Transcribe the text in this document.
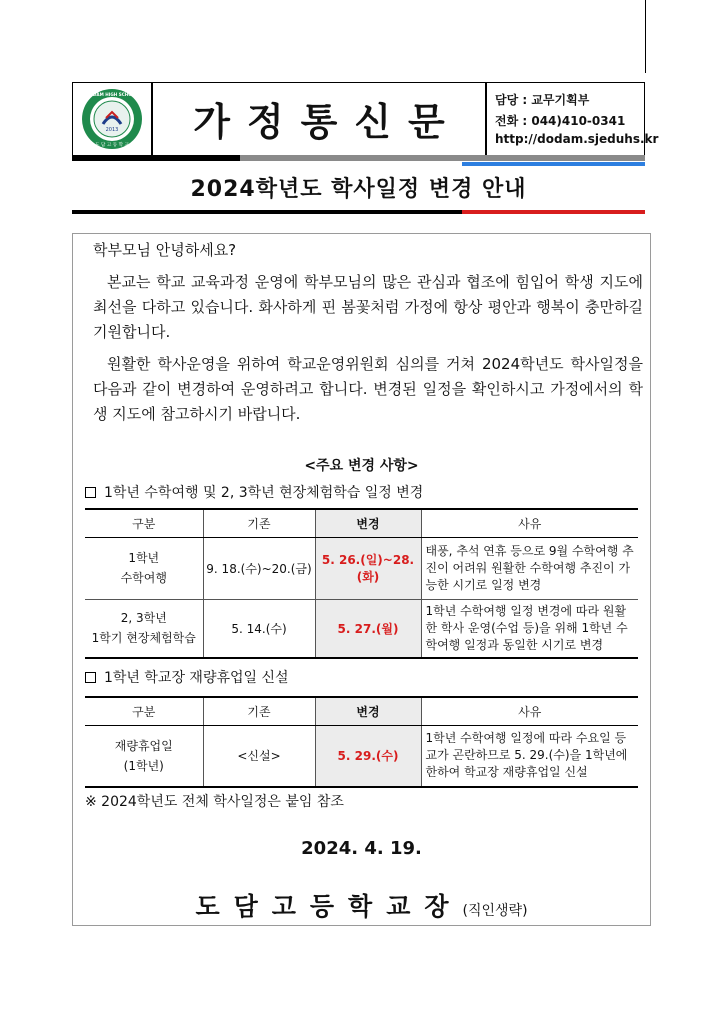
2013
DODAM HIGH SCHOOL
도 담 고 등 학 교
가정통신문	담당 : 교무기획부
전화 : 044)410-0341
http://dodam.sjeduhs.kr
2024학년도 학사일정 변경 안내
학부모님 안녕하세요?
본교는 학교 교육과정 운영에 학부모님의 많은 관심과 협조에 힘입어 학생 지도에 최선을 다하고 있습니다. 화사하게 핀 봄꽃처럼 가정에 항상 평안과 행복이 충만하길 기원합니다.
원활한 학사운영을 위하여 학교운영위원회 심의를 거쳐 2024학년도 학사일정을 다음과 같이 변경하여 운영하려고 합니다. 변경된 일정을 확인하시고 가정에서의 학생 지도에 참고하시기 바랍니다.
<주요 변경 사항>
1학년 수학여행 및 2, 3학년 현장체험학습 일정 변경
구분	기존	변경	사유
1학년
수학여행	9. 18.(수)~20.(금)	5. 26.(일)~28.(화)	태풍, 추석 연휴 등으로 9월 수학여행 추진이 어려워 원활한 수학여행 추진이 가능한 시기로 일정 변경
2, 3학년
1학기 현장체험학습	5. 14.(수)	5. 27.(월)	1학년 수학여행 일정 변경에 따라 원활한 학사 운영(수업 등)을 위해 1학년 수학여행 일정과 동일한 시기로 변경
1학년 학교장 재량휴업일 신설
구분	기존	변경	사유
재량휴업일
(1학년)	<신설>	5. 29.(수)	1학년 수학여행 일정에 따라 수요일 등교가 곤란하므로 5. 29.(수)을 1학년에 한하여 학교장 재량휴업일 신설
※ 2024학년도 전체 학사일정은 붙임 참조
2024. 4. 19.
도담고등학교장(직인생략)
